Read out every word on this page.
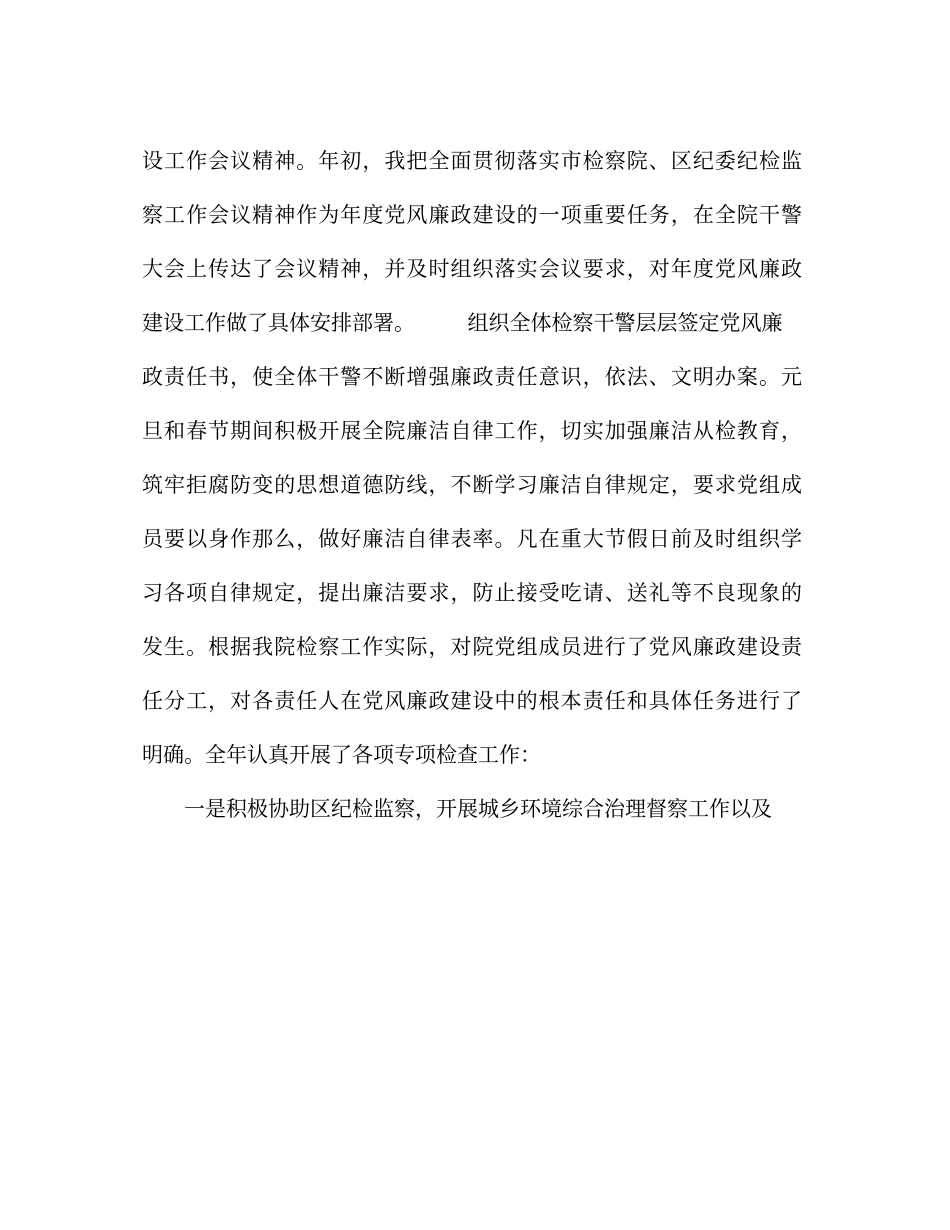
设工作会议精神。年初，我把全面贯彻落实市检察院、区纪委纪检监
察工作会议精神作为年度党风廉政建设的一项重要任务，在全院干警
大会上传达了会议精神，并及时组织落实会议要求，对年度党风廉政
建设工作做了具体安排部署。　　　组织全体检察干警层层签定党风廉
政责任书，使全体干警不断增强廉政责任意识，依法、文明办案。元
旦和春节期间积极开展全院廉洁自律工作，切实加强廉洁从检教育，
筑牢拒腐防变的思想道德防线，不断学习廉洁自律规定，要求党组成
员要以身作那么，做好廉洁自律表率。凡在重大节假日前及时组织学
习各项自律规定，提出廉洁要求，防止接受吃请、送礼等不良现象的
发生。根据我院检察工作实际，对院党组成员进行了党风廉政建设责
任分工，对各责任人在党风廉政建设中的根本责任和具体任务进行了
明确。全年认真开展了各项专项检查工作：
一是积极协助区纪检监察，开展城乡环境综合治理督察工作以及
